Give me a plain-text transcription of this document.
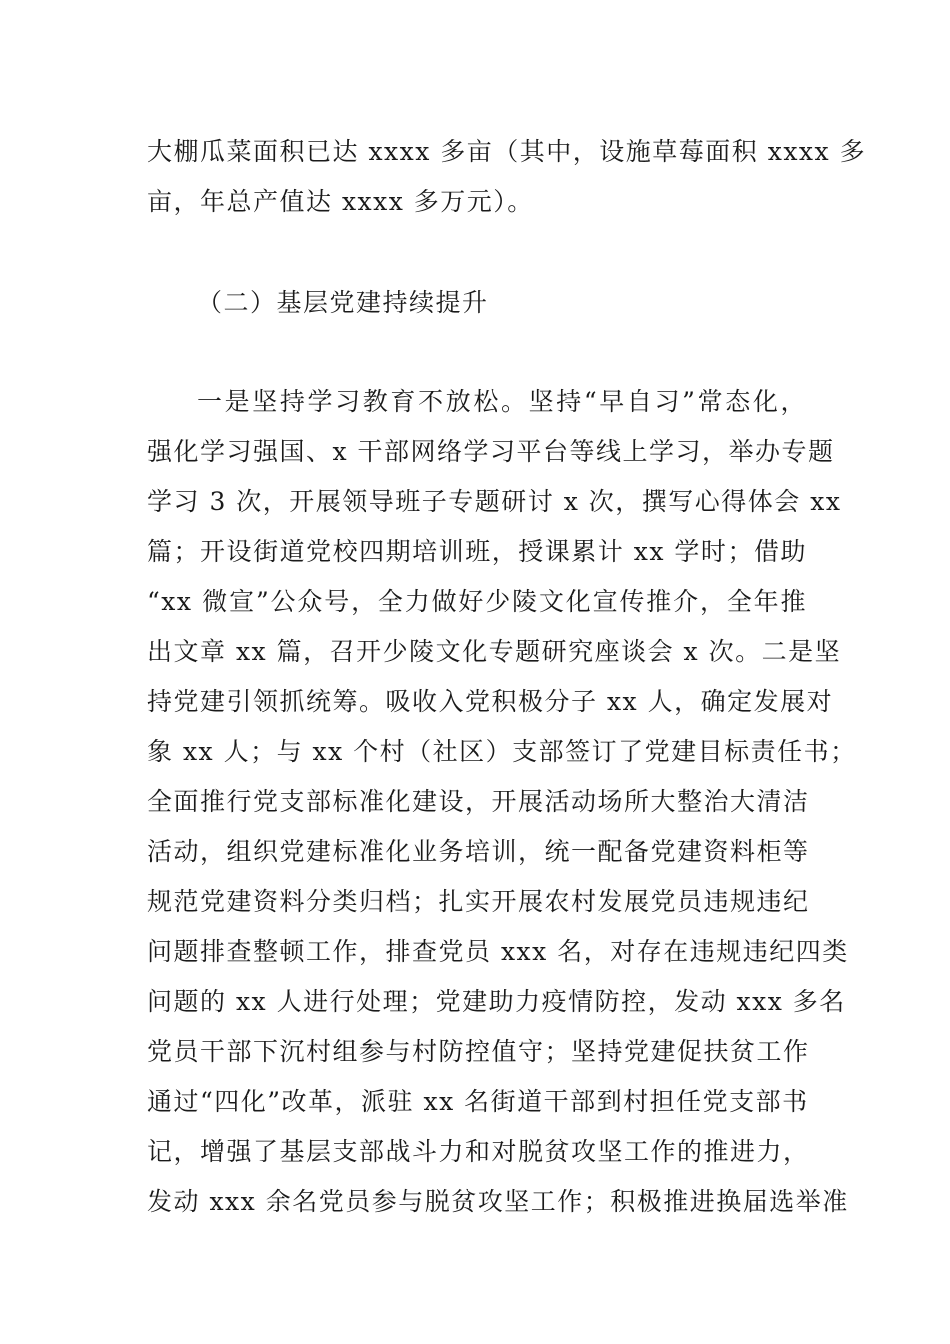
大棚瓜菜面积已达 xxxx 多亩（其中，设施草莓面积 xxxx 多
亩，年总产值达 xxxx 多万元）。
（二）基层党建持续提升
一是坚持学习教育不放松。坚持“早自习”常态化，
强化学习强国、x 干部网络学习平台等线上学习，举办专题
学习 3 次，开展领导班子专题研讨 x 次，撰写心得体会 xx
篇；开设街道党校四期培训班，授课累计 xx 学时；借助
“xx 微宣”公众号，全力做好少陵文化宣传推介，全年推
出文章 xx 篇，召开少陵文化专题研究座谈会 x 次。二是坚
持党建引领抓统筹。吸收入党积极分子 xx 人，确定发展对
象 xx 人；与 xx 个村（社区）支部签订了党建目标责任书；
全面推行党支部标准化建设，开展活动场所大整治大清洁
活动，组织党建标准化业务培训，统一配备党建资料柜等
规范党建资料分类归档；扎实开展农村发展党员违规违纪
问题排查整顿工作，排查党员 xxx 名，对存在违规违纪四类
问题的 xx 人进行处理；党建助力疫情防控，发动 xxx 多名
党员干部下沉村组参与村防控值守；坚持党建促扶贫工作
通过“四化”改革，派驻 xx 名街道干部到村担任党支部书
记，增强了基层支部战斗力和对脱贫攻坚工作的推进力，
发动 xxx 余名党员参与脱贫攻坚工作；积极推进换届选举准
